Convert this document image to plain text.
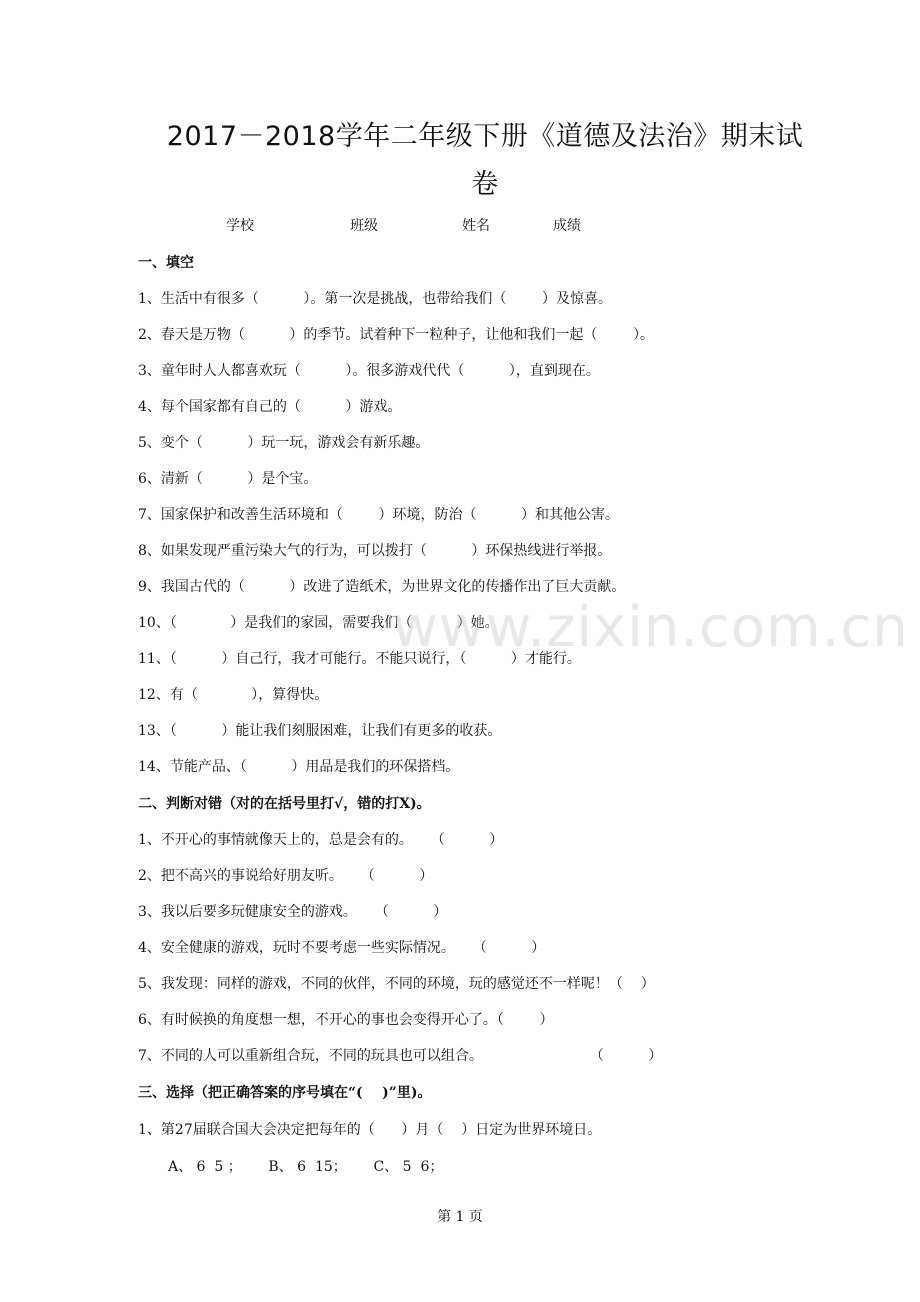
2017－2018学年二年级下册《道德及法治》期末试
卷
学校	班级	姓名	成绩
一、填空
1、生活中有很多（          ）。第一次是挑战，也带给我们（        ）及惊喜。
2、春天是万物（          ）的季节。试着种下一粒种子，让他和我们一起（        ）。
3、童年时人人都喜欢玩（          ）。很多游戏代代（          ），直到现在。
4、每个国家都有自己的（          ）游戏。
5、变个（          ）玩一玩，游戏会有新乐趣。
6、清新（          ）是个宝。
7、国家保护和改善生活环境和（        ）环境，防治（          ）和其他公害。
8、如果发现严重污染大气的行为，可以拨打（          ）环保热线进行举报。
9、我国古代的（          ）改进了造纸术，为世界文化的传播作出了巨大贡献。
10、（            ）是我们的家园，需要我们（          ）她。
11、（          ）自己行，我才可能行。不能只说行，（          ）才能行。
12、有（            ），算得快。
13、（          ）能让我们刻服困难，让我们有更多的收获。
14、节能产品、（          ）用品是我们的环保搭档。
二、判断对错（对的在括号里打√，错的打X)。
1、不开心的事情就像天上的，总是会有的。    （          ）
2、把不高兴的事说给好朋友听。    （          ）
3、我以后要多玩健康安全的游戏。    （          ）
4、安全健康的游戏，玩时不要考虑一些实际情况。    （          ）
5、我发现：同样的游戏，不同的伙伴，不同的环境，玩的感觉还不一样呢！（    ）
6、有时候换的角度想一想，不开心的事也会变得开心了。（        ）
7、不同的人可以重新组合玩，不同的玩具也可以组合。                        （          ）
三、选择（把正确答案的序号填在“(    )”里)。
1、第27届联合国大会决定把每年的（      ）月（    ）日定为世界环境日。
A、 6  5 ；      B、 6  15；      C、 5  6；
www.zixin.com.cn
第 1 页
